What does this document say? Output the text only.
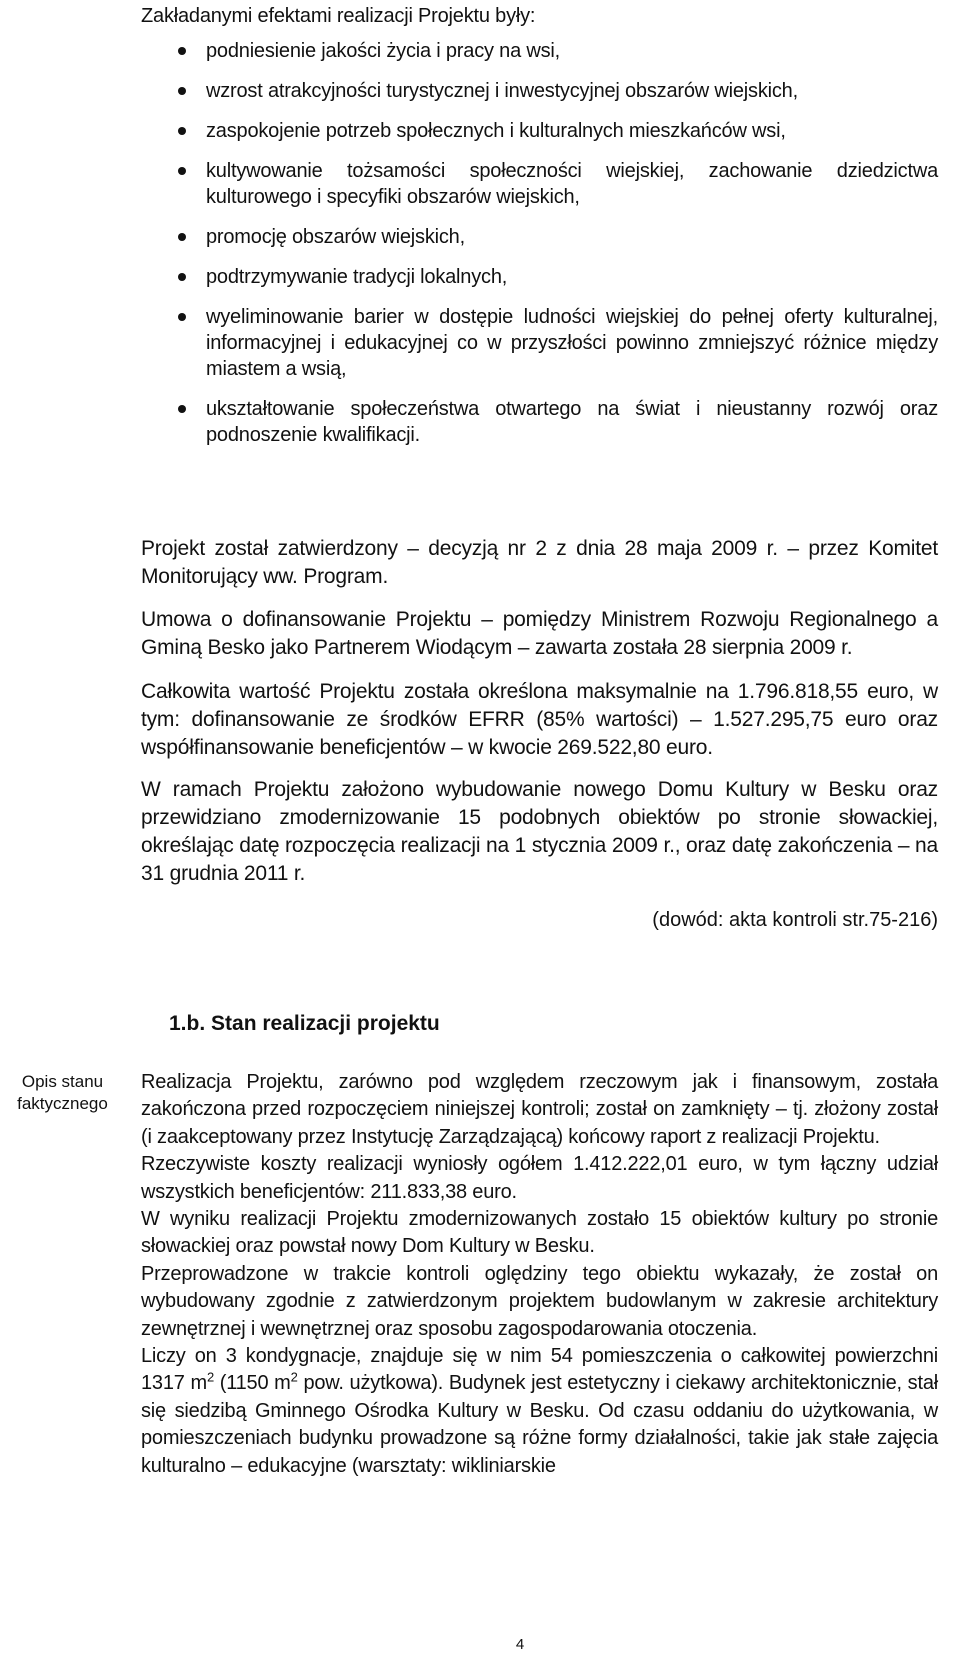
Zakładanymi efektami realizacji Projektu były:

podniesienie jakości życia i pracy na wsi,
wzrost atrakcyjności turystycznej i inwestycyjnej obszarów wiejskich,
zaspokojenie potrzeb społecznych i kulturalnych mieszkańców wsi,
kultywowanie tożsamości społeczności wiejskiej, zachowanie dziedzictwa kulturowego i specyfiki obszarów wiejskich,
promocję obszarów wiejskich,
podtrzymywanie tradycji lokalnych,
wyeliminowanie barier w dostępie ludności wiejskiej do pełnej oferty kulturalnej, informacyjnej i edukacyjnej co w przyszłości powinno zmniejszyć różnice między miastem a wsią,
ukształtowanie społeczeństwa otwartego na świat i nieustanny rozwój oraz podnoszenie kwalifikacji.

Projekt został zatwierdzony – decyzją nr 2 z dnia 28 maja 2009 r. – przez Komitet Monitorujący ww. Program.

Umowa o dofinansowanie Projektu – pomiędzy Ministrem Rozwoju Regionalnego a Gminą Besko jako Partnerem Wiodącym – zawarta została 28 sierpnia 2009 r.

Całkowita wartość Projektu została określona maksymalnie na 1.796.818,55 euro, w tym: dofinansowanie ze środków EFRR (85% wartości) – 1.527.295,75 euro oraz współfinansowanie beneficjentów – w kwocie 269.522,80 euro.

W ramach Projektu założono wybudowanie nowego Domu Kultury w Besku oraz przewidziano zmodernizowanie 15 podobnych obiektów po stronie słowackiej, określając datę rozpoczęcia realizacji na 1 stycznia 2009 r., oraz datę zakończenia – na 31 grudnia 2011 r.

(dowód: akta kontroli str.75-216)

1.b. Stan realizacji projektu
Opis stanu
faktycznego

Realizacja Projektu, zarówno pod względem rzeczowym jak i finansowym, została zakończona przed rozpoczęciem niniejszej kontroli; został on zamknięty – tj. złożony został (i zaakceptowany przez Instytucję Zarządzającą) końcowy raport z realizacji Projektu.

Rzeczywiste koszty realizacji wyniosły ogółem 1.412.222,01 euro, w tym łączny udział wszystkich beneficjentów: 211.833,38 euro.

W wyniku realizacji Projektu zmodernizowanych zostało 15 obiektów kultury po stronie słowackiej oraz powstał nowy Dom Kultury w Besku.

Przeprowadzone w trakcie kontroli oględziny tego obiektu wykazały, że został on wybudowany zgodnie z zatwierdzonym projektem budowlanym w zakresie architektury zewnętrznej i wewnętrznej oraz sposobu zagospodarowania otoczenia.

Liczy on 3 kondygnacje, znajduje się w nim 54 pomieszczenia o całkowitej powierzchni 1317 $m^2$ (1150 $m^2$ pow. użytkowa). Budynek jest estetyczny i ciekawy architektonicznie, stał się siedzibą Gminnego Ośrodka Kultury w Besku. Od czasu oddaniu do użytkowania, w pomieszczeniach budynku prowadzone są różne formy działalności, takie jak stałe zajęcia kulturalno – edukacyjne (warsztaty: wikliniarskie

4
